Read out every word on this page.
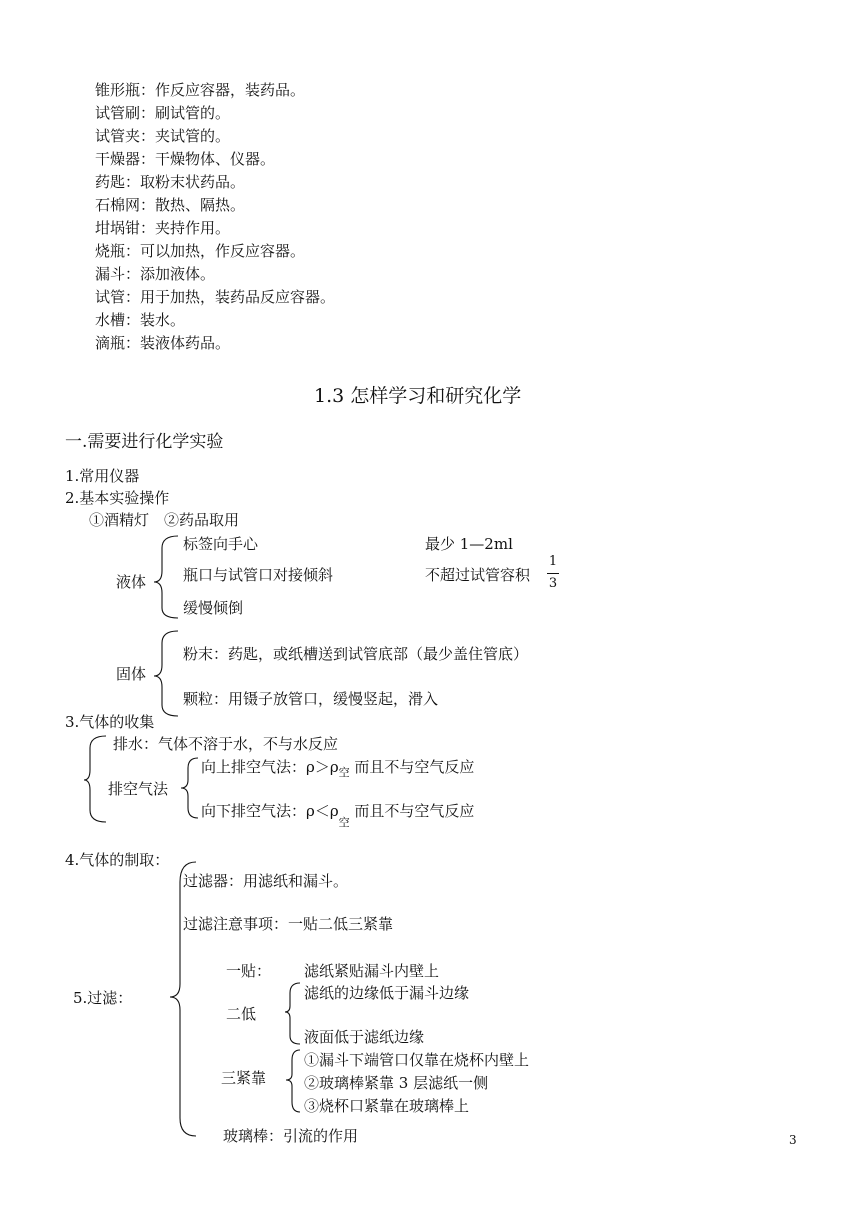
锥形瓶：作反应容器，装药品。
试管刷：刷试管的。
试管夹：夹试管的。
干燥器：干燥物体、仪器。
药匙：取粉末状药品。
石棉网：散热、隔热。
坩埚钳：夹持作用。
烧瓶：可以加热，作反应容器。
漏斗：添加液体。
试管：用于加热，装药品反应容器。
水槽：装水。
滴瓶：装液体药品。
1.3 怎样学习和研究化学
一.需要进行化学实验
1.常用仪器
2.基本实验操作
①酒精灯　②药品取用
液体
标签向手心
瓶口与试管口对接倾斜
缓慢倾倒
最少 1—2ml
不超过试管容积
1
3
固体
粉末：药匙，或纸槽送到试管底部（最少盖住管底）
颗粒：用镊子放管口，缓慢竖起，滑入
3.气体的收集
排水：气体不溶于水，不与水反应
排空气法
向上排空气法：$\rho>\rho_空$ 而且不与空气反应
向下排空气法：$\rho<\rho_空$ 而且不与空气反应
4.气体的制取：
过滤器：用滤纸和漏斗。
过滤注意事项：一贴二低三紧靠
5.过滤：
一贴： 滤纸紧贴漏斗内壁上
二低
滤纸的边缘低于漏斗边缘
液面低于滤纸边缘
三紧靠
①漏斗下端管口仅靠在烧杯内壁上
②玻璃棒紧靠 3 层滤纸一侧
③烧杯口紧靠在玻璃棒上
玻璃棒：引流的作用	3
